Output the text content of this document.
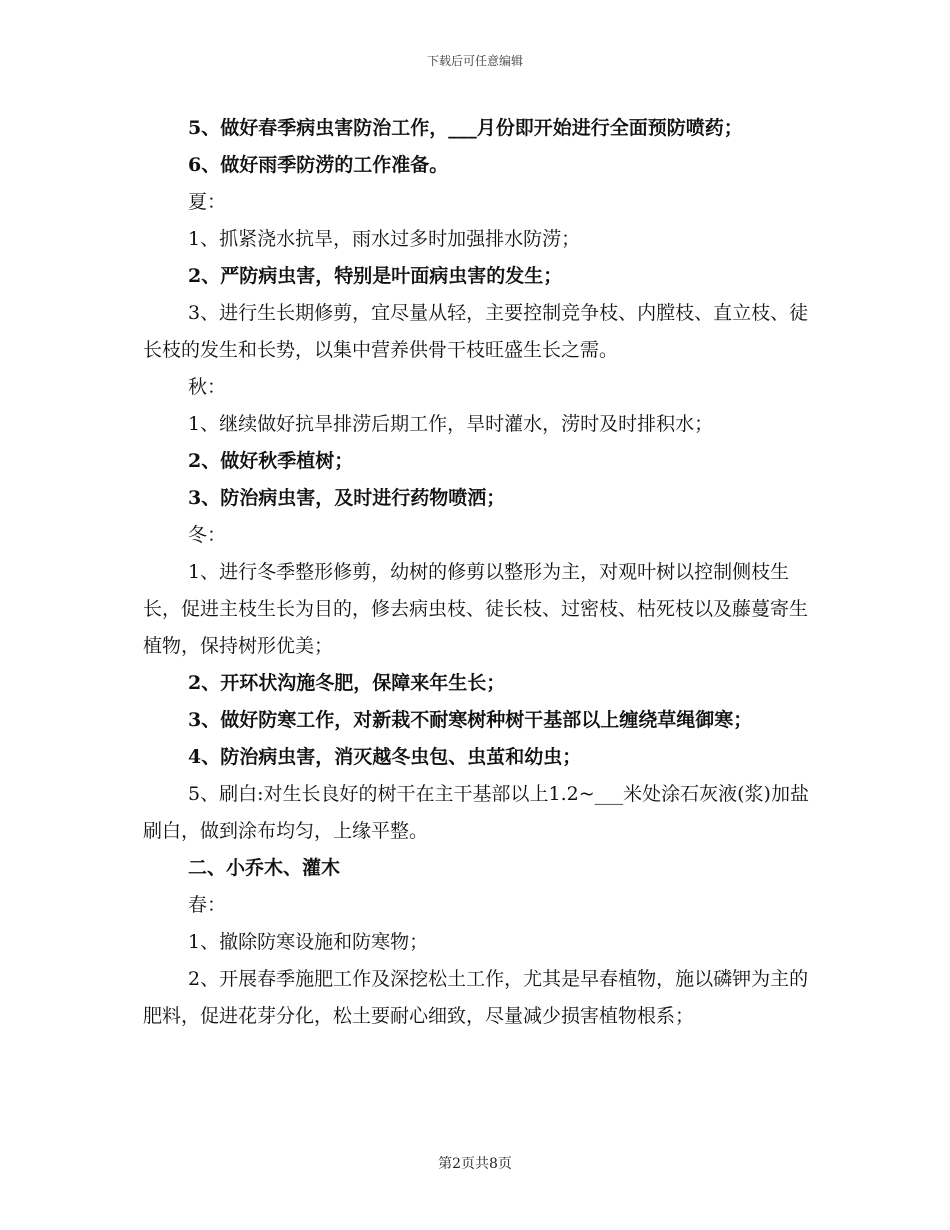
下载后可任意编辑

5、做好春季病虫害防治工作，___月份即开始进行全面预防喷药；

6、做好雨季防涝的工作准备。

夏：

1、抓紧浇水抗旱，雨水过多时加强排水防涝；

2、严防病虫害，特别是叶面病虫害的发生；

3、进行生长期修剪，宜尽量从轻，主要控制竞争枝、内膛枝、直立枝、徒长枝的发生和长势，以集中营养供骨干枝旺盛生长之需。

秋：

1、继续做好抗旱排涝后期工作，旱时灌水，涝时及时排积水；

2、做好秋季植树；

3、防治病虫害，及时进行药物喷洒；

冬：

1、进行冬季整形修剪，幼树的修剪以整形为主，对观叶树以控制侧枝生长，促进主枝生长为目的，修去病虫枝、徒长枝、过密枝、枯死枝以及藤蔓寄生植物，保持树形优美；

2、开环状沟施冬肥，保障来年生长；

3、做好防寒工作，对新栽不耐寒树种树干基部以上缠绕草绳御寒；

4、防治病虫害，消灭越冬虫包、虫茧和幼虫；

5、刷白:对生长良好的树干在主干基部以上1.2~___米处涂石灰液(浆)加盐刷白，做到涂布均匀，上缘平整。

二、小乔木、灌木

春：

1、撤除防寒设施和防寒物；

2、开展春季施肥工作及深挖松土工作，尤其是早春植物，施以磷钾为主的肥料，促进花芽分化，松土要耐心细致，尽量减少损害植物根系；

第2页共8页
